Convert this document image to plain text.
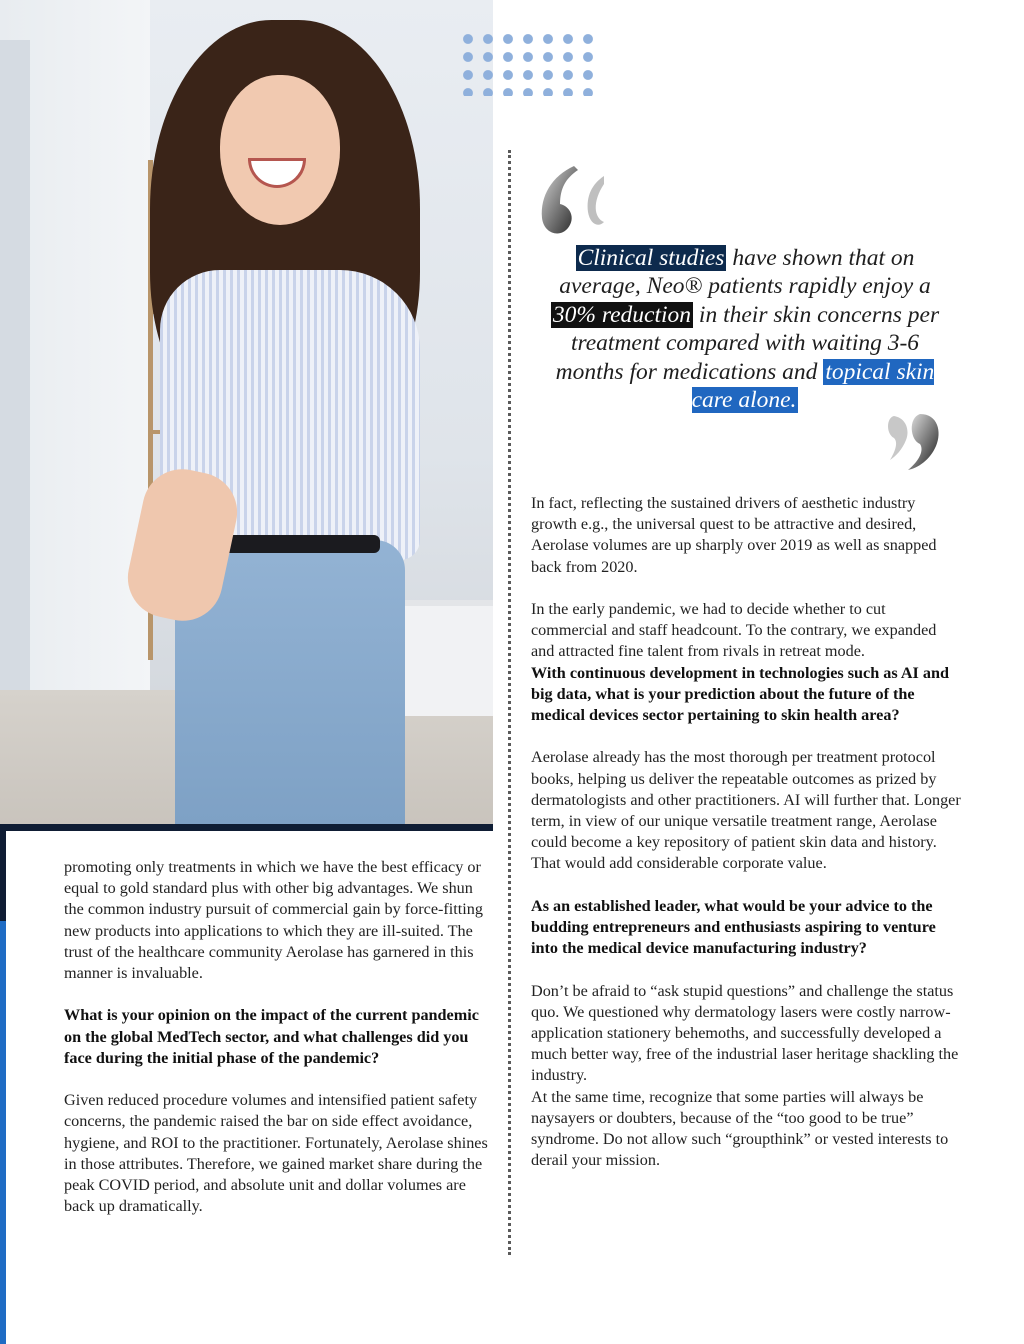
Clinical studies have shown that on average, Neo® patients rapidly enjoy a 30% reduction in their skin concerns per treatment compared with waiting 3-6 months for medications and topical skin care alone.

promoting only treatments in which we have the best efficacy or equal to gold standard plus with other big advantages. We shun the common industry pursuit of commercial gain by force-fitting new products into applications to which they are ill-suited. The trust of the healthcare community Aerolase has garnered in this manner is invaluable.

What is your opinion on the impact of the current pandemic on the global MedTech sector, and what challenges did you face during the initial phase of the pandemic?

Given reduced procedure volumes and intensified patient safety concerns, the pandemic raised the bar on side effect avoidance, hygiene, and ROI to the practitioner. Fortunately, Aerolase shines in those attributes. Therefore, we gained market share during the peak COVID period, and absolute unit and dollar volumes are back up dramatically.

In fact, reflecting the sustained drivers of aesthetic industry growth e.g., the universal quest to be attractive and desired, Aerolase volumes are up sharply over 2019 as well as snapped back from 2020.

In the early pandemic, we had to decide whether to cut commercial and staff headcount. To the contrary, we expanded and attracted fine talent from rivals in retreat mode.

With continuous development in technologies such as AI and big data, what is your prediction about the future of the medical devices sector pertaining to skin health area?

Aerolase already has the most thorough per treatment protocol books, helping us deliver the repeatable outcomes as prized by dermatologists and other practitioners. AI will further that. Longer term, in view of our unique versatile treatment range, Aerolase could become a key repository of patient skin data and history. That would add considerable corporate value.

As an established leader, what would be your advice to the budding entrepreneurs and enthusiasts aspiring to venture into the medical device manufacturing industry?

Don’t be afraid to “ask stupid questions” and challenge the status quo. We questioned why dermatology lasers were costly narrow-application stationery behemoths, and successfully developed a much better way, free of the industrial laser heritage shackling the industry.

At the same time, recognize that some parties will always be naysayers or doubters, because of the “too good to be true” syndrome. Do not allow such “groupthink” or vested interests to derail your mission.
